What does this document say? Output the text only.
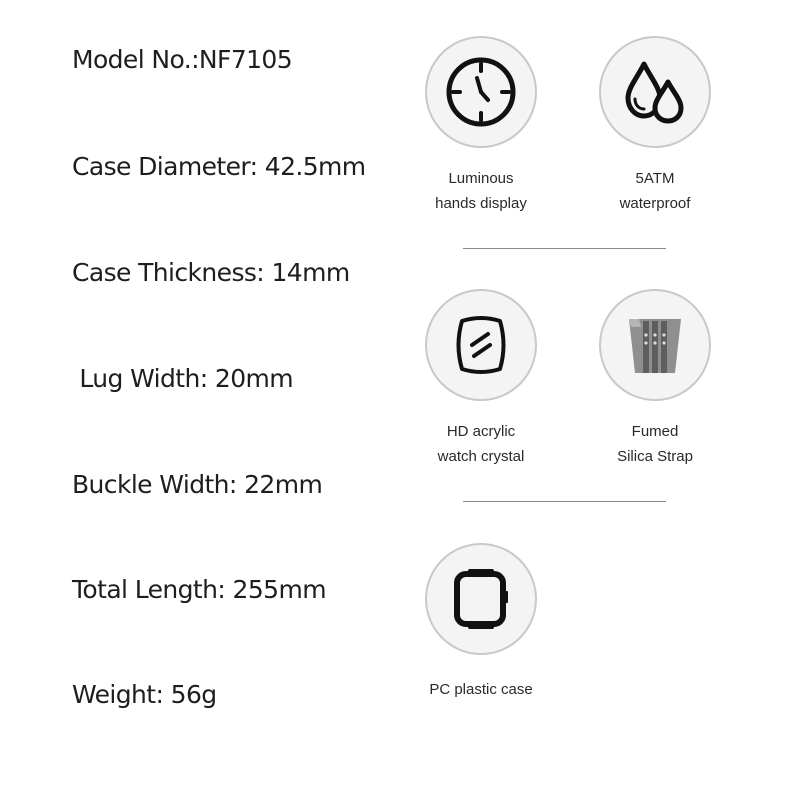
Model No.:NF7105

Case Diameter: 42.5mm

Case Thickness: 14mm

Lug Width: 20mm

Buckle Width: 22mm

Total Length: 255mm

Weight: 56g

Luminous
hands display
5ATM
waterproof
HD acrylic
watch crystal
Fumed
Silica Strap
PC plastic case
